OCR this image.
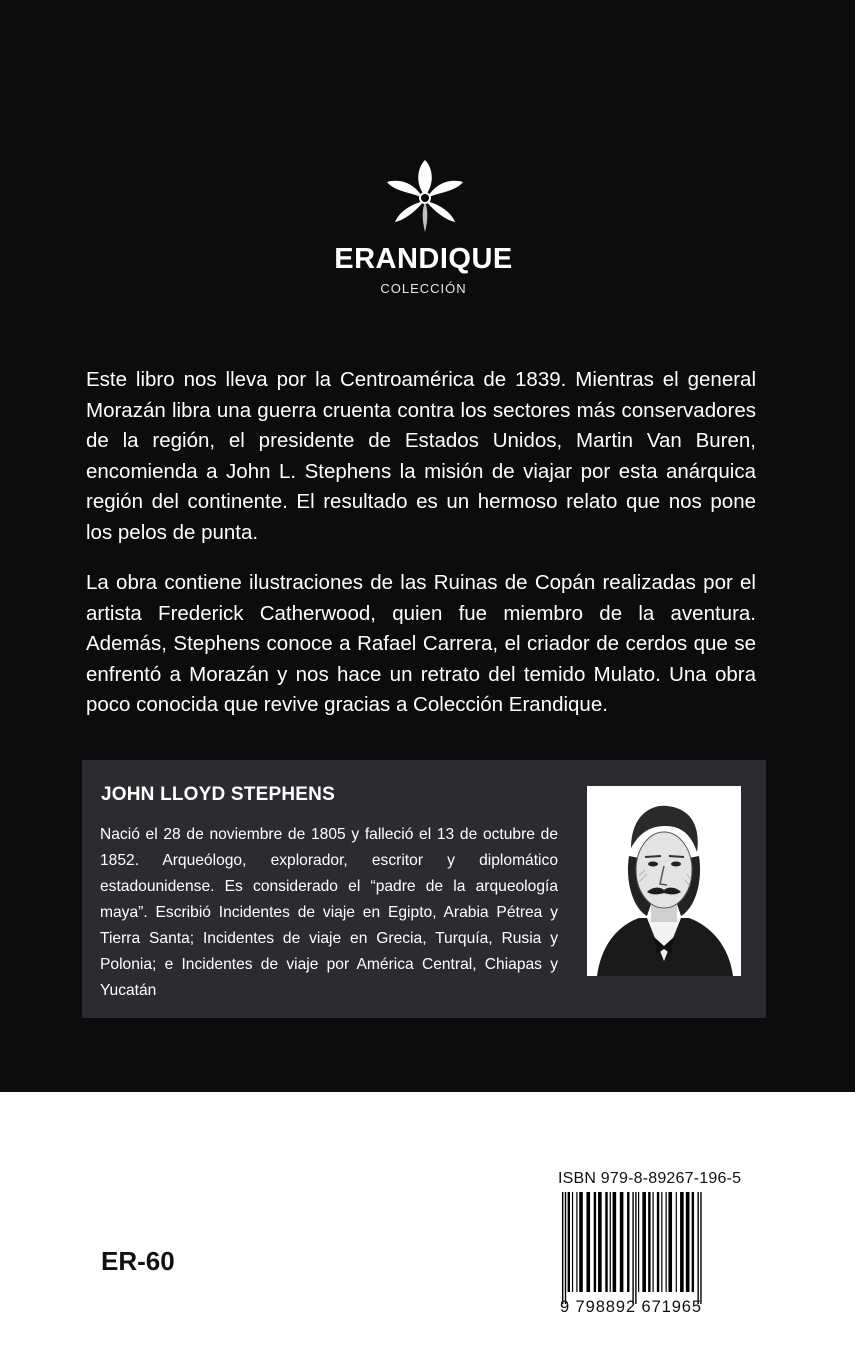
ERANDIQUE
COLECCIÓN
Este libro nos lleva por la Centroamérica de 1839. Mientras el general Morazán libra una guerra cruenta contra los sectores más conservadores de la región, el presidente de Estados Unidos, Martin Van Buren, encomienda a John L. Stephens la misión de viajar por esta anárquica región del continente. El resultado es un hermoso relato que nos pone los pelos de punta.
La obra contiene ilustraciones de las Ruinas de Copán realizadas por el artista Frederick Catherwood, quien fue miembro de la aventura. Además, Stephens conoce a Rafael Carrera, el criador de cerdos que se enfrentó a Morazán y nos hace un retrato del temido Mulato. Una obra poco conocida que revive gracias a Colección Erandique.
JOHN LLOYD STEPHENS
Nació el 28 de noviembre de 1805 y falleció el 13 de octubre de 1852. Arqueólogo, explorador, escritor y diplomático estadounidense. Es considerado el “padre de la arqueología maya”. Escribió Incidentes de viaje en Egipto, Arabia Pétrea y Tierra Santa; Incidentes de viaje en Grecia, Turquía, Rusia y Polonia; e Incidentes de viaje por América Central, Chiapas y Yucatán
ISBN 979-8-89267-196-5
9 798892 671965
ER-60
